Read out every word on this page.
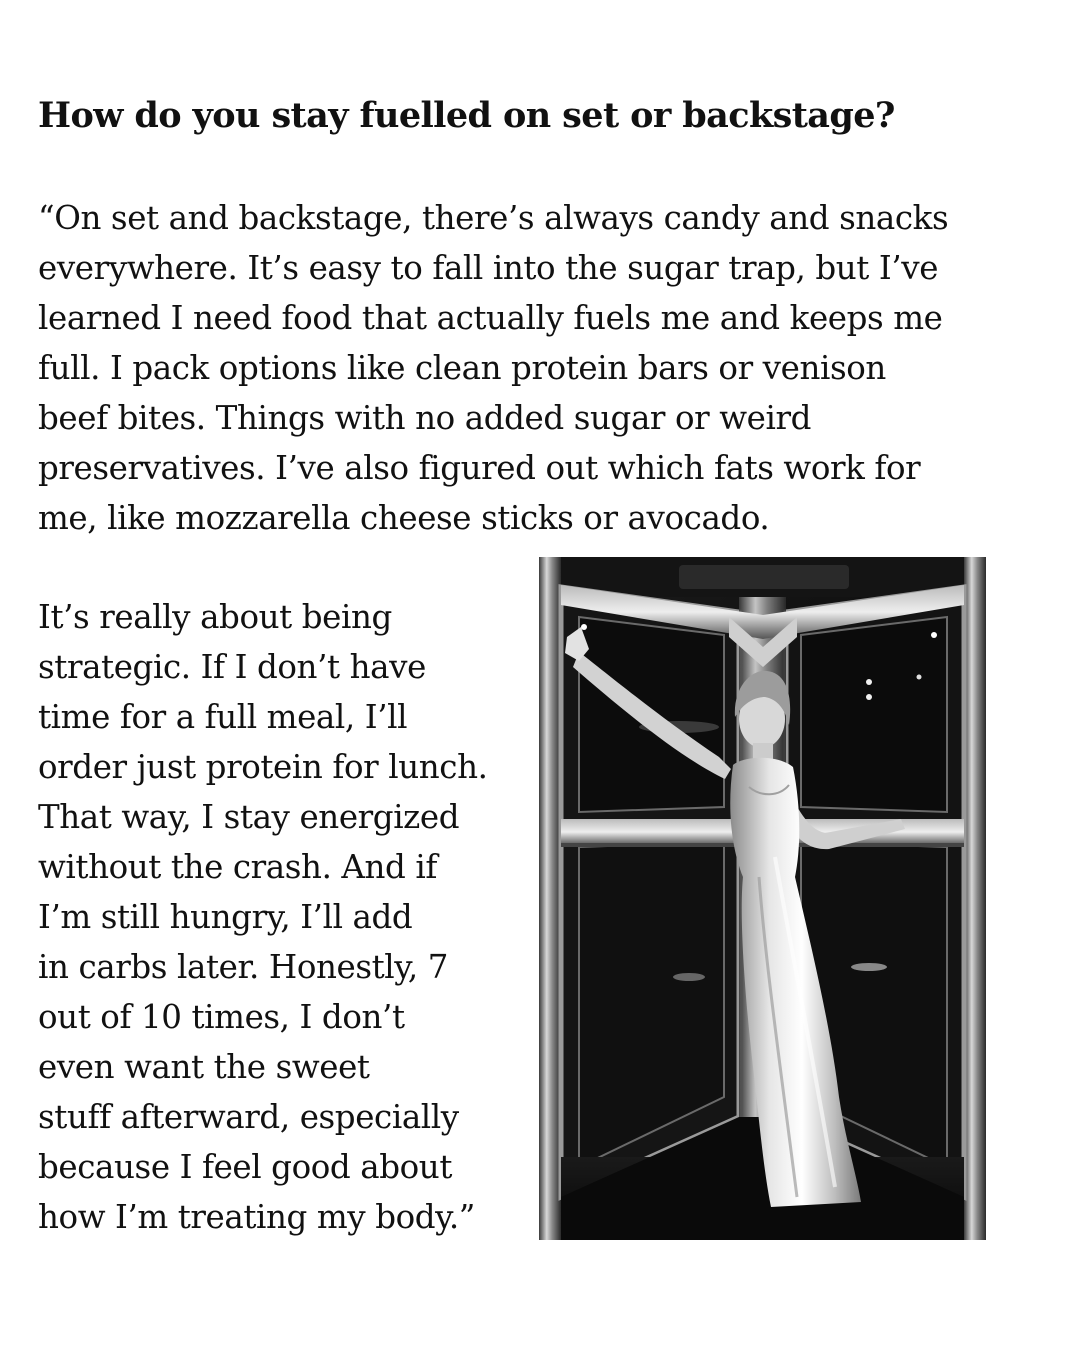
How do you stay fuelled on set or backstage?

“On set and backstage, there’s always candy and snacks
everywhere. It’s easy to fall into the sugar trap, but I’ve
learned I need food that actually fuels me and keeps me
full. I pack options like clean protein bars or venison
beef bites. Things with no added sugar or weird
preservatives. I’ve also figured out which fats work for
me, like mozzarella cheese sticks or avocado.

It’s really about being
strategic. If I don’t have
time for a full meal, I’ll
order just protein for lunch.
That way, I stay energized
without the crash. And if
I’m still hungry, I’ll add
in carbs later. Honestly, 7
out of 10 times, I don’t
even want the sweet
stuff afterward, especially
because I feel good about
how I’m treating my body.”
